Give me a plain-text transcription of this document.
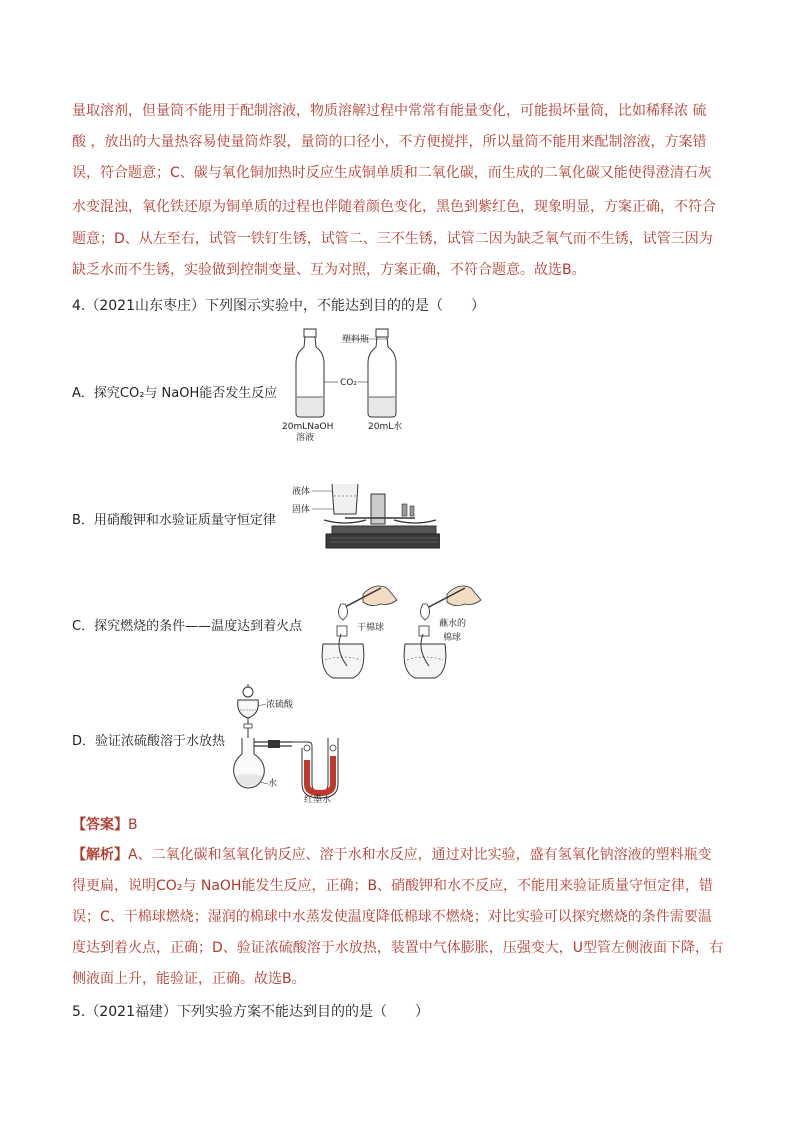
量取溶剂，但量筒不能用于配制溶液，物质溶解过程中常常有能量变化，可能损坏量筒，比如稀释浓 硫
酸 ，放出的大量热容易使量筒炸裂，量筒的口径小，不方便搅拌，所以量筒不能用来配制溶液，方案错
误，符合题意；C、碳与氧化铜加热时反应生成铜单质和二氧化碳，而生成的二氧化碳又能使得澄清石灰
水变混浊，氧化铁还原为铜单质的过程也伴随着颜色变化，黑色到紫红色，现象明显，方案正确，不符合
题意；D、从左至右，试管一铁钉生锈，试管二、三不生锈，试管二因为缺乏氧气而不生锈，试管三因为
缺乏水而不生锈，实验做到控制变量、互为对照，方案正确，不符合题意。故选B。
4.（2021山东枣庄）下列图示实验中，不能达到目的的是（　　）
A．探究CO₂与 NaOH能否发生反应
塑料瓶
CO₂
20mLNaOH	20mL水
溶液
B．用硝酸钾和水验证质量守恒定律
液体
固体
C．探究燃烧的条件——温度达到着火点	干棉球	蘸水的
棉球
D．验证浓硫酸溶于水放热
浓硫酸
水
红墨水
【答案】B
【解析】A、二氧化碳和氢氧化钠反应、溶于水和水反应，通过对比实验，盛有氢氧化钠溶液的塑料瓶变
得更扁，说明CO₂与 NaOH能发生反应，正确；B、硝酸钾和水不反应，不能用来验证质量守恒定律，错
误；C、干棉球燃烧；湿润的棉球中水蒸发使温度降低棉球不燃烧；对比实验可以探究燃烧的条件需要温
度达到着火点，正确；D、验证浓硫酸溶于水放热，装置中气体膨胀，压强变大，U型管左侧液面下降，右
侧液面上升，能验证，正确。故选B。
5.（2021福建）下列实验方案不能达到目的的是（　　）
